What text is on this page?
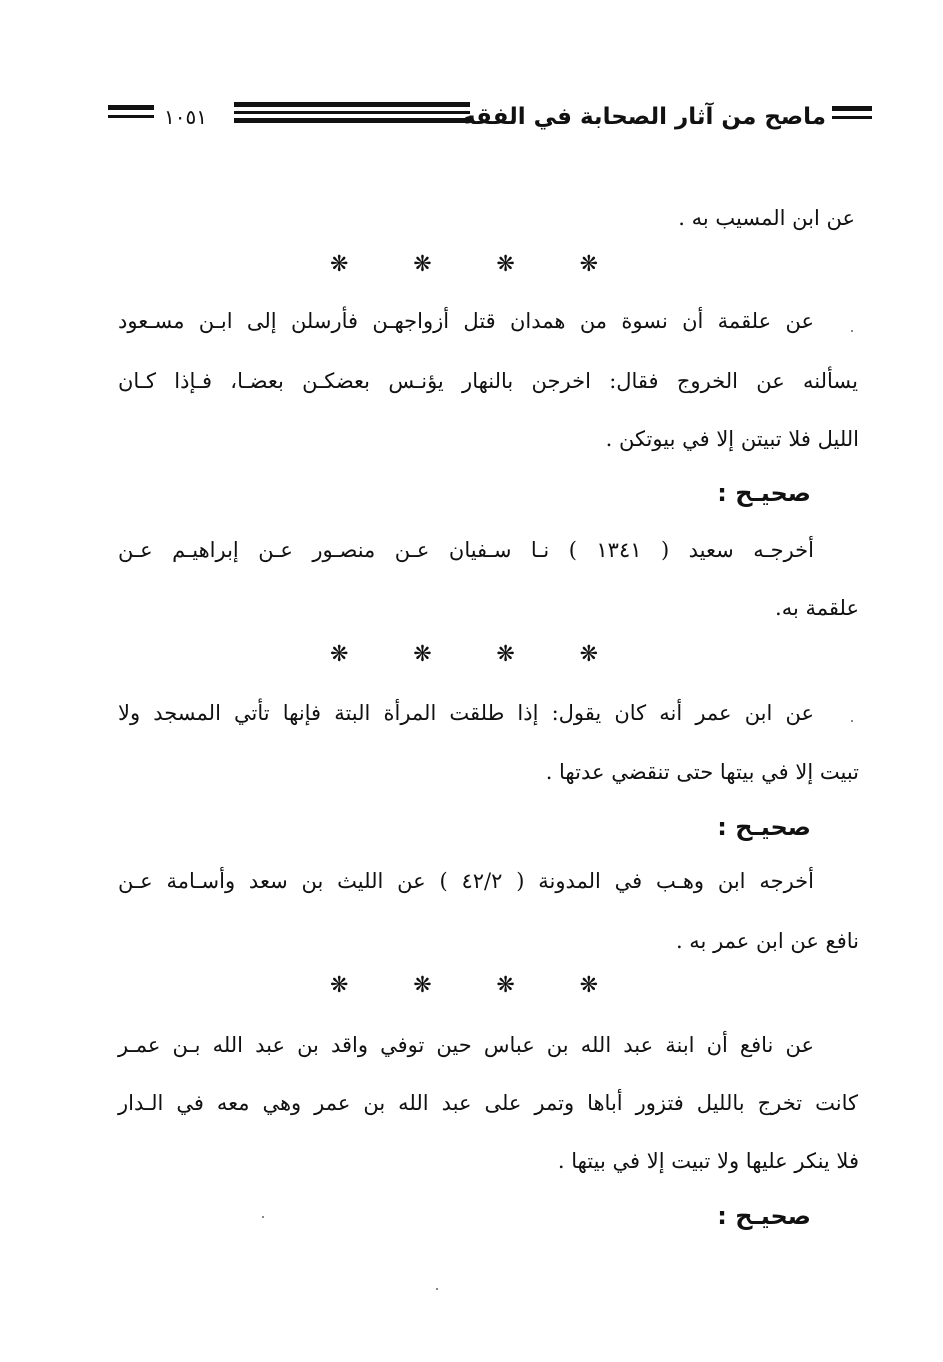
١٠٥١	ماصح من آثار الصحابة في الفقه
عن ابن المسيب به .
❋	❋	❋	❋
عن علقمة أن نسوة من همدان قتل أزواجهـن فأرسلن إلى ابـن مسـعود
يسألنه عن الخروج فقال: اخرجن بالنهار يؤنـس بعضكـن بعضـا، فـإذا كـان
الليل فلا تبيتن إلا في بيوتكن .
صحيـح :
أخرجـه سعيد ( ١٣٤١ ) نـا سـفيان عـن منصـور عـن إبراهيـم عـن
علقمة به.
❋	❋	❋	❋
عن ابن عمر أنه كان يقول: إذا طلقت المرأة البتة فإنها تأتي المسجد ولا
تبيت إلا في بيتها حتى تنقضي عدتها .
صحيـح :
أخرجه ابن وهـب في المدونة ( ٤٢/٢ ) عن الليث بن سعد وأسـامة عـن
نافع عن ابن عمر به .
❋	❋	❋	❋
عن نافع أن ابنة عبد الله بن عباس حين توفي واقد بن عبد الله بـن عمـر
كانت تخرج بالليل فتزور أباها وتمر على عبد الله بن عمر وهي معه في الـدار
فلا ينكر عليها ولا تبيت إلا في بيتها .
صحيـح :
